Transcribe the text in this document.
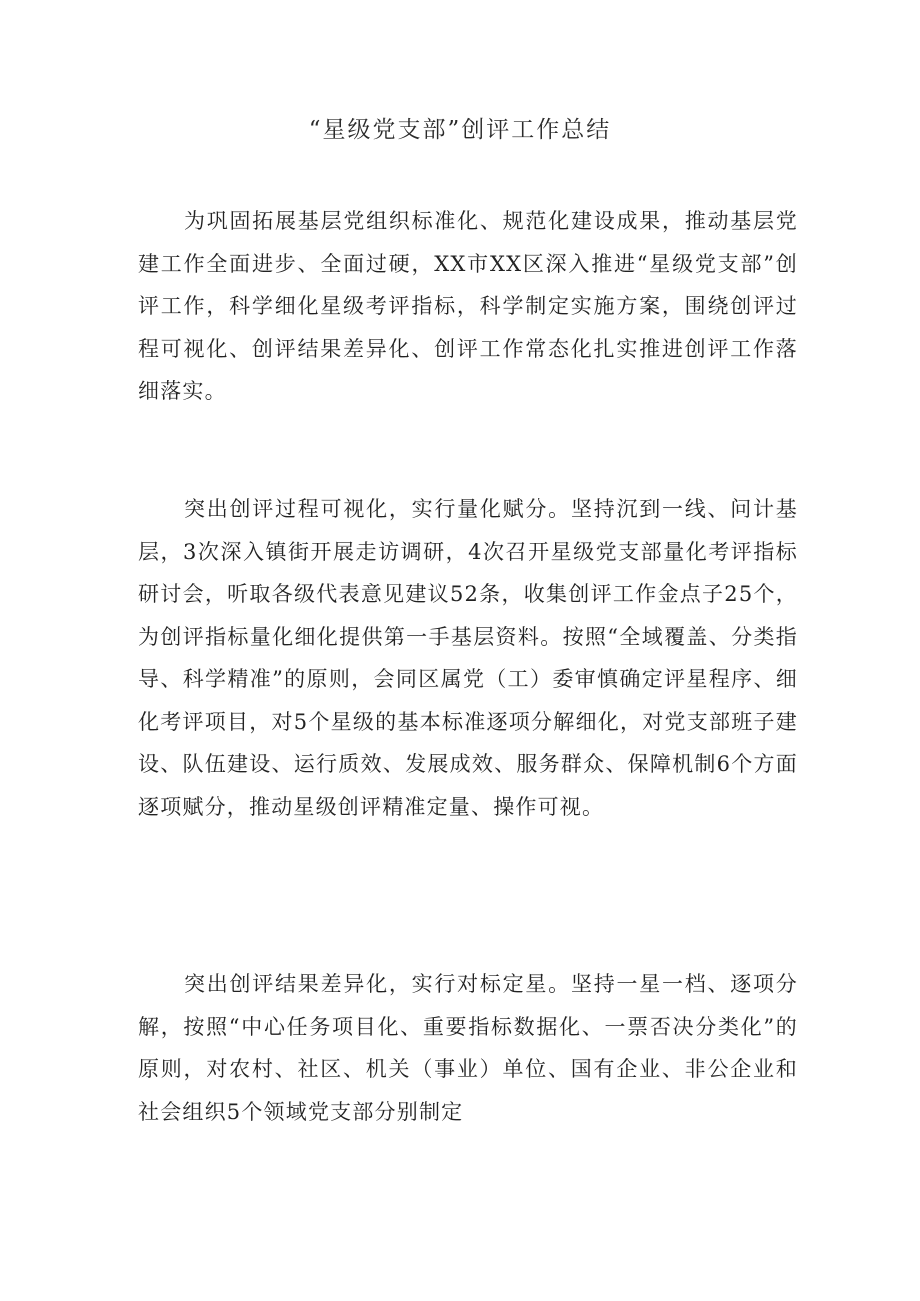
“星级党支部”创评工作总结

为巩固拓展基层党组织标准化、规范化建设成果，推动基层党建工作全面进步、全面过硬，XX市XX区深入推进“星级党支部”创评工作，科学细化星级考评指标，科学制定实施方案，围绕创评过程可视化、创评结果差异化、创评工作常态化扎实推进创评工作落细落实。

突出创评过程可视化，实行量化赋分。坚持沉到一线、问计基层，3次深入镇街开展走访调研，4次召开星级党支部量化考评指标研讨会，听取各级代表意见建议52条，收集创评工作金点子25个，为创评指标量化细化提供第一手基层资料。按照“全域覆盖、分类指导、科学精准”的原则，会同区属党（工）委审慎确定评星程序、细化考评项目，对5个星级的基本标准逐项分解细化，对党支部班子建设、队伍建设、运行质效、发展成效、服务群众、保障机制6个方面逐项赋分，推动星级创评精准定量、操作可视。

突出创评结果差异化，实行对标定星。坚持一星一档、逐项分解，按照“中心任务项目化、重要指标数据化、一票否决分类化”的原则，对农村、社区、机关（事业）单位、国有企业、非公企业和社会组织5个领域党支部分别制定
